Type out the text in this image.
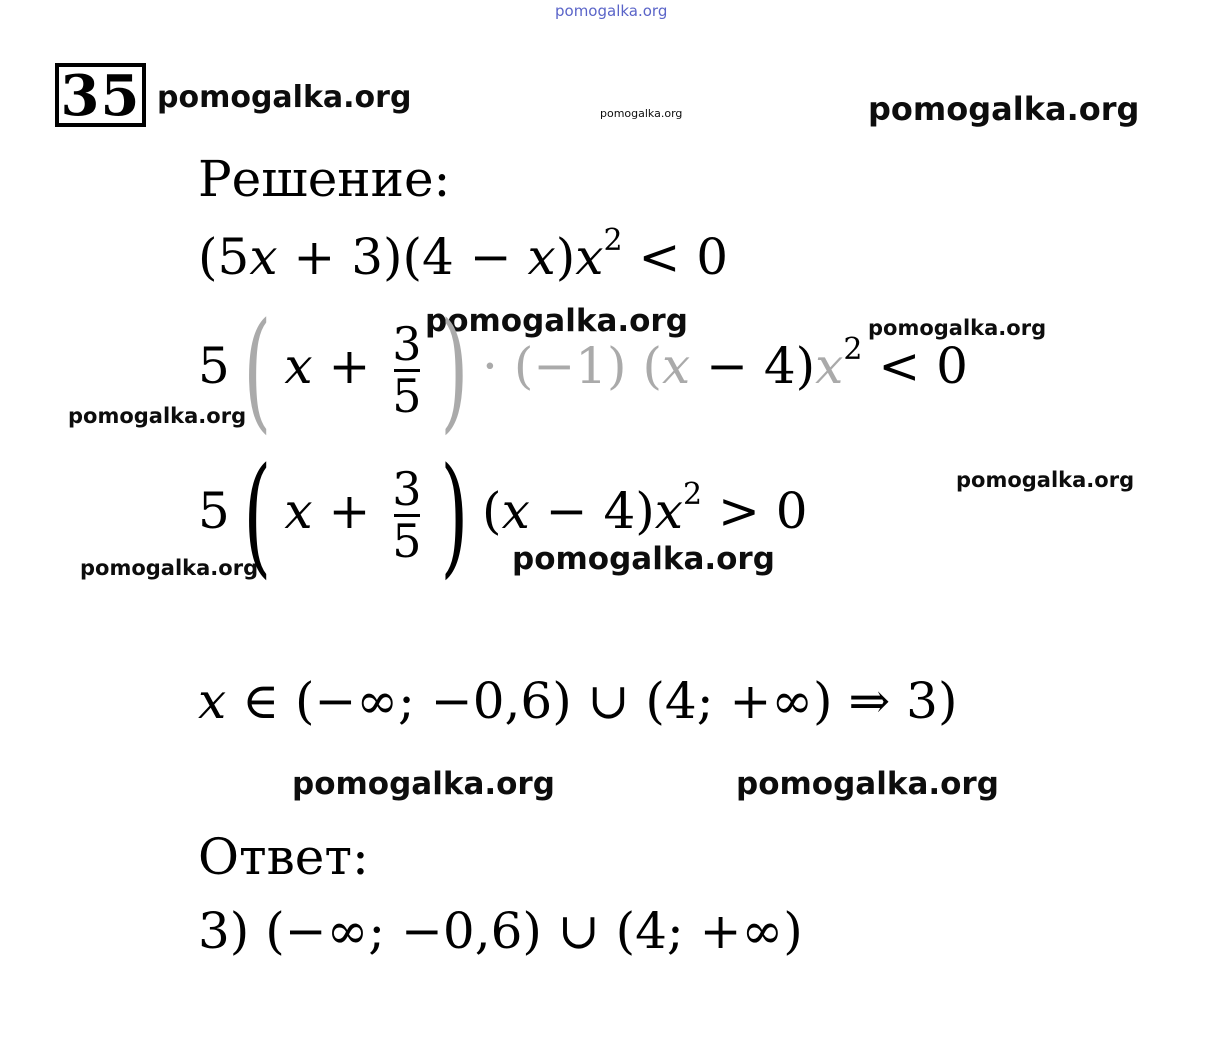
pomogalka.org
pomogalka.org	pomogalka.org	pomogalka.org
pomogalka.org	pomogalka.org
pomogalka.org
pomogalka.org
pomogalka.org	pomogalka.org
pomogalka.org	pomogalka.org
35
Решение:
$(5x + 3)(4 - x)x^2 < 0$
5 ( $x + \frac{3}{5}$ ) · (−1) $(x - 4)x^2 < 0$
5 ( $x + \frac{3}{5}$ ) $(x - 4)x^2 > 0$
x ∈ (−∞; −0,6) ∪ (4; +∞) ⇒ 3)
Ответ:
3) (−∞; −0,6) ∪ (4; +∞)
